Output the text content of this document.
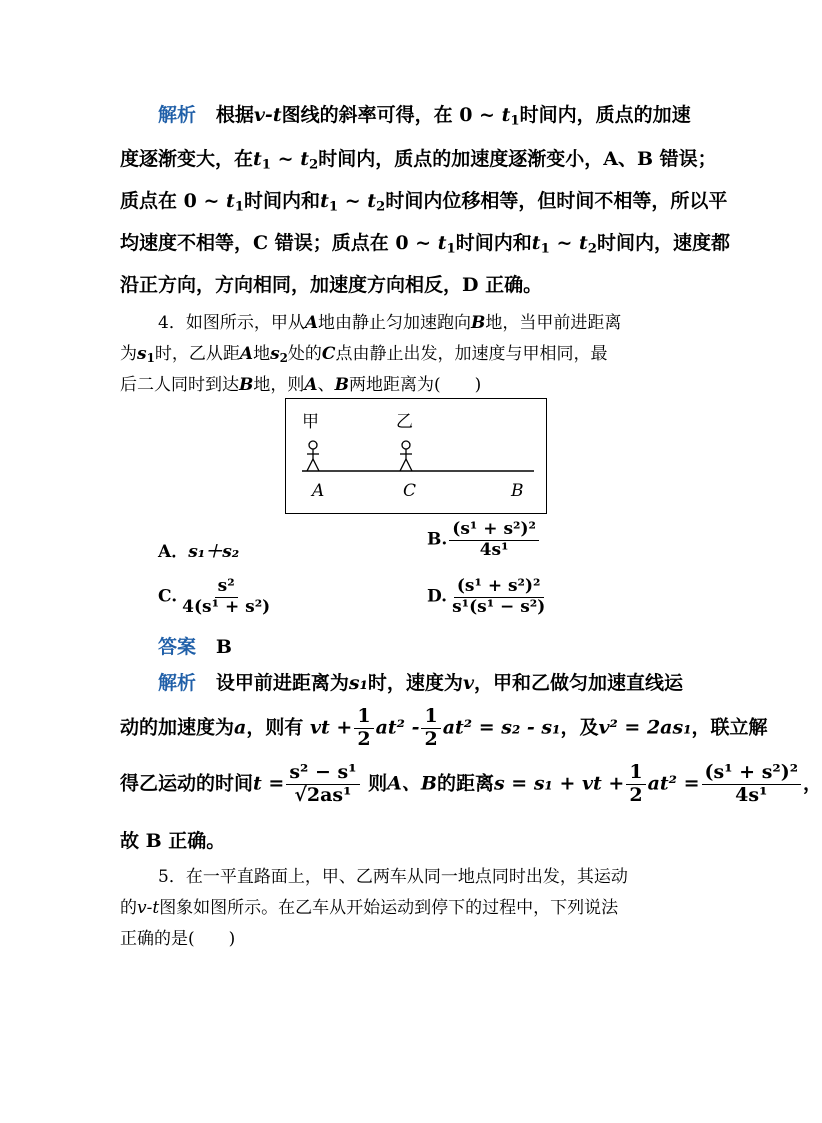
解析 根据v-t图线的斜率可得，在 0 ~ $t_1$时间内，质点的加速
度逐渐变大，在$t_1$ ~ $t_2$时间内，质点的加速度逐渐变小，A、B 错误；
质点在 0 ~ $t_1$时间内和$t_1$ ~ $t_2$时间内位移相等，但时间不相等，所以平
均速度不相等，C 错误；质点在 0 ~ $t_1$时间内和$t_1$ ~ $t_2$时间内，速度都
沿正方向，方向相同，加速度方向相反，D 正确。
4．如图所示，甲从A地由静止匀加速跑向B地，当甲前进距离
为$s_1$时，乙从距A地$s_2$处的C点由静止出发，加速度与甲相同，最
后二人同时到达B地，则A、B两地距离为(　　)
甲	乙
A	C	B
A．s₁＋s₂
B. $\frac{\text{(s¹ + s²)²}}{\text{4s¹}}$
C. $\frac{\text{s²}}{\text{4(s¹ + s²)}}$	D. $\frac{\text{(s¹ + s²)²}}{\text{s¹(s¹ − s²)}}$
答案 B
解析 设甲前进距离为s₁时，速度为v，甲和乙做匀加速直线运
动的加速度为a，则有 vt + $\frac{1}{2} at^2 - \frac{1}{2} at^2 = s_2 - s_1$，及v² = 2as₁，联立解
得乙运动的时间$t = \frac{\text{s² − s¹}}{\text{√2as¹}}$ 则A、B的距离s = s₁ + vt + $\frac{1}{2} at^2 = \frac{\text{(s¹ + s²)²}}{\text{4s¹}}$ ，
故 B 正确。
5．在一平直路面上，甲、乙两车从同一地点同时出发，其运动
的v-t图象如图所示。在乙车从开始运动到停下的过程中，下列说法
正确的是(　　)
